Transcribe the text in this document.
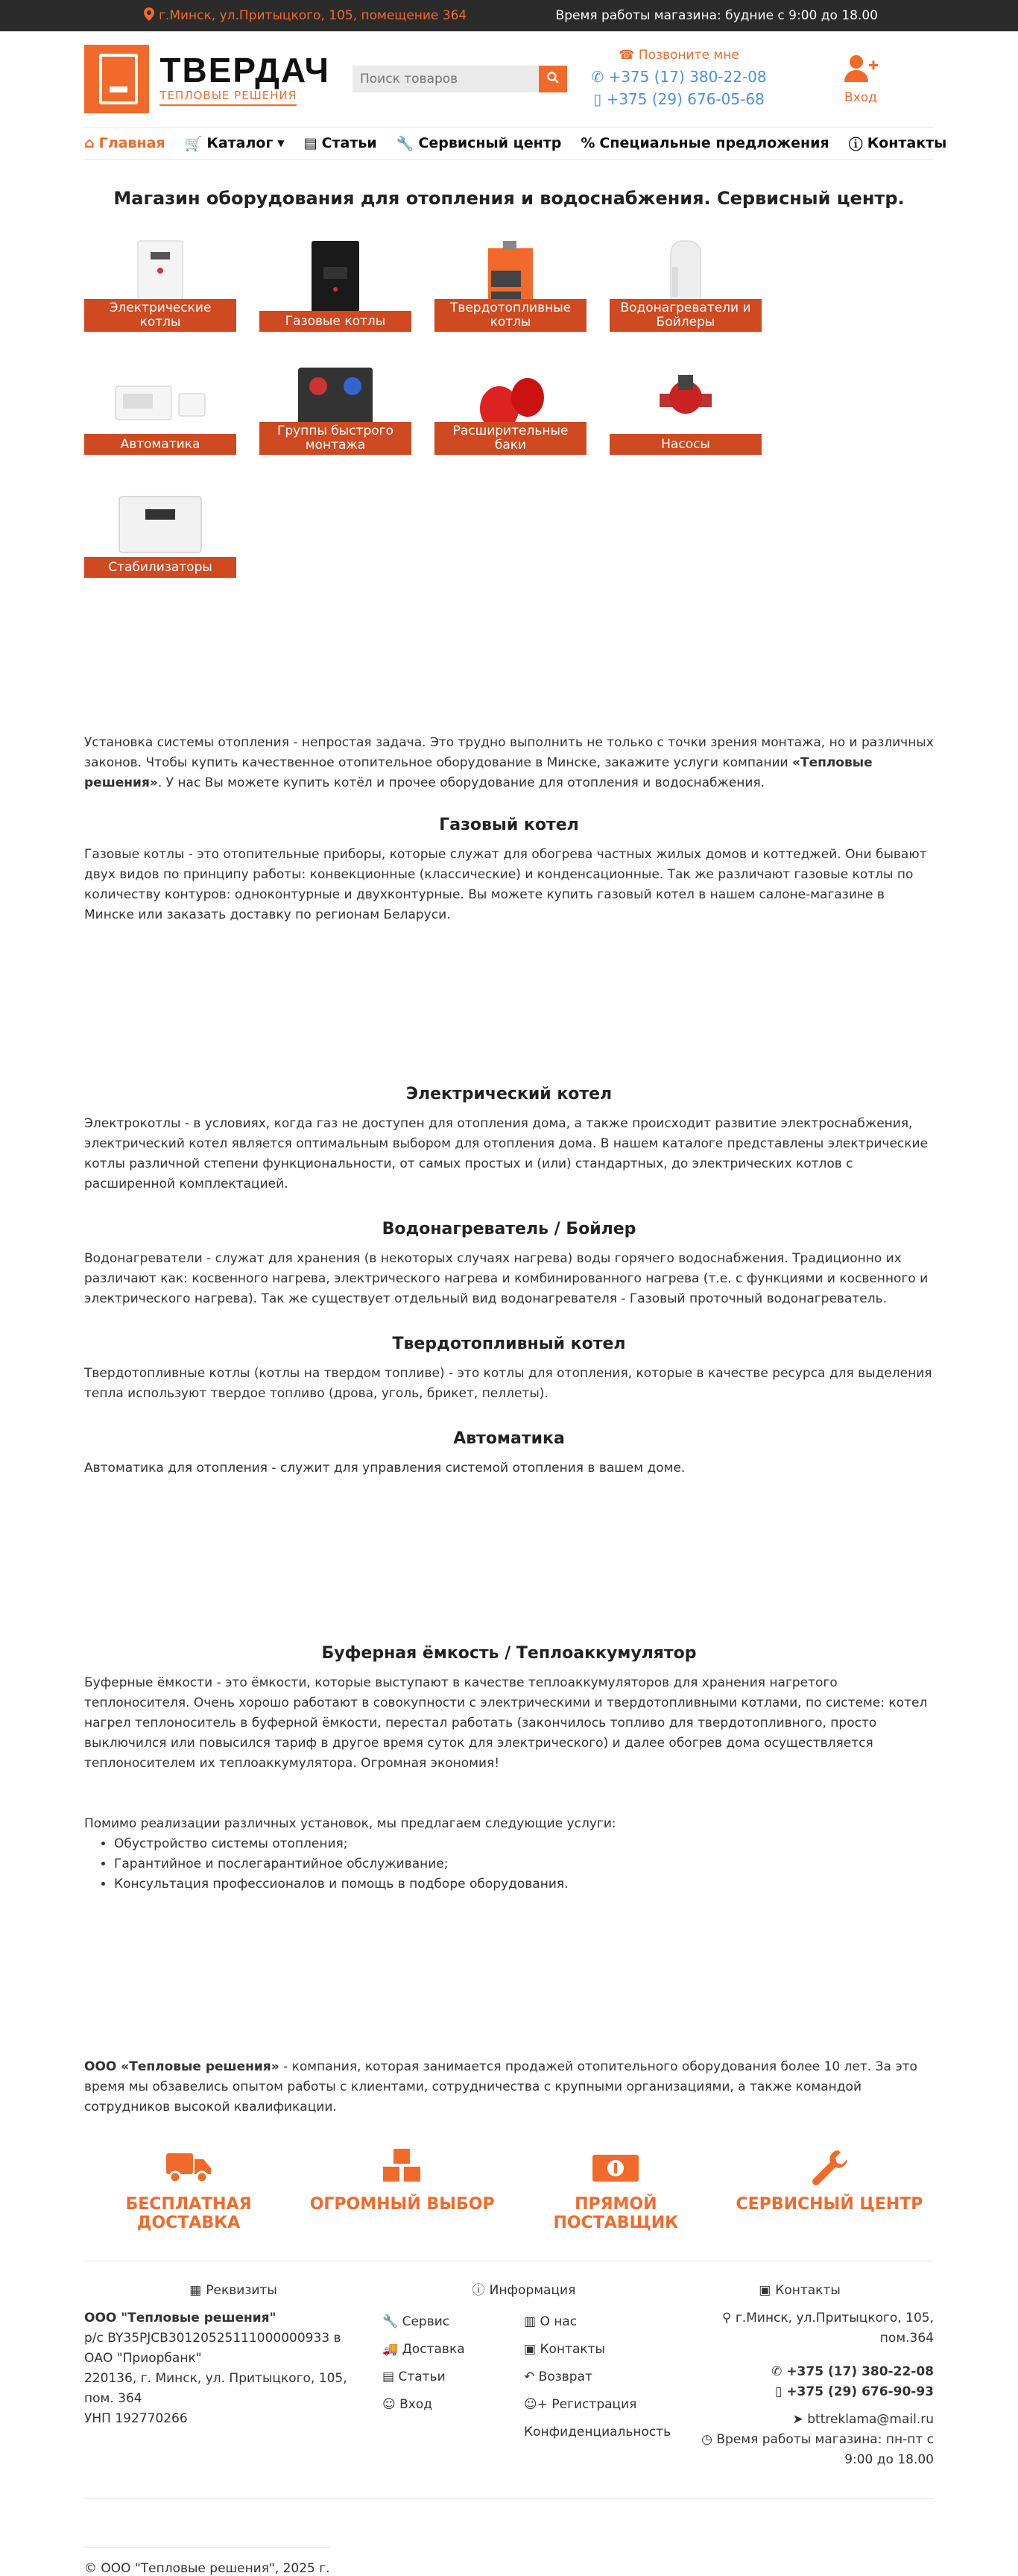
г.Минск, ул.Притыцкого, 105, помещение 364	Время работы магазина: будние с 9:00 до 18.00
ТВЕРДАЧ
ТЕПЛОВЫЕ РЕШЕНИЯ
Поиск товаров
☎ Позвоните мне
✆ +375 (17) 380-22-08
▯ +375 (29) 676-05-68	Вход
⌂ Главная 🛒 Каталог ▼ ▤ Статьи 🔧 Сервисный центр % Специальные предложения ⓘ Контакты
Магазин оборудования для отопления и водоснабжения. Сервисный центр.
Электрические котлы	Газовые котлы
Твердотопливные котлы
Водонагреватели и Бойлеры
Автоматика
Группы быстрого монтажа
Расширительные баки	Насосы
Стабилизаторы

Установка системы отопления - непростая задача. Это трудно выполнить не только с точки зрения монтажа, но и различных законов. Чтобы купить качественное отопительное оборудование в Минске, закажите услуги компании «Тепловые решения». У нас Вы можете купить котёл и прочее оборудование для отопления и водоснабжения.

Газовый котел

Газовые котлы - это отопительные приборы, которые служат для обогрева частных жилых домов и коттеджей. Они бывают двух видов по принципу работы: конвекционные (классические) и конденсационные. Так же различают газовые котлы по количеству контуров: одноконтурные и двухконтурные. Вы можете купить газовый котел в нашем салоне-магазине в Минске или заказать доставку по регионам Беларуси.

Электрический котел

Электрокотлы - в условиях, когда газ не доступен для отопления дома, а также происходит развитие электроснабжения, электрический котел является оптимальным выбором для отопления дома. В нашем каталоге представлены электрические котлы различной степени функциональности, от самых простых и (или) стандартных, до электрических котлов с расширенной комплектацией.

Водонагреватель / Бойлер

Водонагреватели - служат для хранения (в некоторых случаях нагрева) воды горячего водоснабжения. Традиционно их различают как: косвенного нагрева, электрического нагрева и комбинированного нагрева (т.е. с функциями и косвенного и электрического нагрева). Так же существует отдельный вид водонагревателя - Газовый проточный водонагреватель.

Твердотопливный котел

Твердотопливные котлы (котлы на твердом топливе) - это котлы для отопления, которые в качестве ресурса для выделения тепла используют твердое топливо (дрова, уголь, брикет, пеллеты).

Автоматика

Автоматика для отопления - служит для управления системой отопления в вашем доме.

Буферная ёмкость / Теплоаккумулятор

Буферные ёмкости - это ёмкости, которые выступают в качестве теплоаккумуляторов для хранения нагретого теплоносителя. Очень хорошо работают в совокупности с электрическими и твердотопливными котлами, по системе: котел нагрел теплоноситель в буферной ёмкости, перестал работать (закончилось топливо для твердотопливного, просто выключился или повысился тариф в другое время суток для электрического) и далее обогрев дома осуществляется теплоносителем их теплоаккумулятора. Огромная экономия!

Помимо реализации различных установок, мы предлагаем следующие услуги:

• Обустройство системы отопления;
• Гарантийное и послегарантийное обслуживание;
• Консультация профессионалов и помощь в подборе оборудования.

ООО «Тепловые решения» - компания, которая занимается продажей отопительного оборудования более 10 лет. За это время мы обзавелись опытом работы с клиентами, сотрудничества с крупными организациями, а также командой сотрудников высокой квалификации.

БЕСПЛАТНАЯ ДОСТАВКА
ОГРОМНЫЙ ВЫБОР	ПРЯМОЙ ПОСТАВЩИК
СЕРВИСНЫЙ ЦЕНТР
▦ Реквизиты
ООО "Тепловые решения"
р/с BY35PJCB30120525111000000933 в ОАО "Приорбанк"
220136, г. Минск, ул. Притыцкого, 105, пом. 364
УНП 192770266
ⓘ Информация
🔧 Сервис
🚚 Доставка
▤ Статьи
☺ Вход
▥ О нас
▣ Контакты
↶ Возврат
☺+ Регистрация
Конфиденциальность
▣ Контакты
⚲ г.Минск, ул.Притыцкого, 105, пом.364
✆ +375 (17) 380-22-08
▯ +375 (29) 676-90-93
➤ bttreklama@mail.ru
◷ Время работы магазина: пн-пт с 9:00 до 18.00
© ООО "Тепловые решения", 2025 г.
